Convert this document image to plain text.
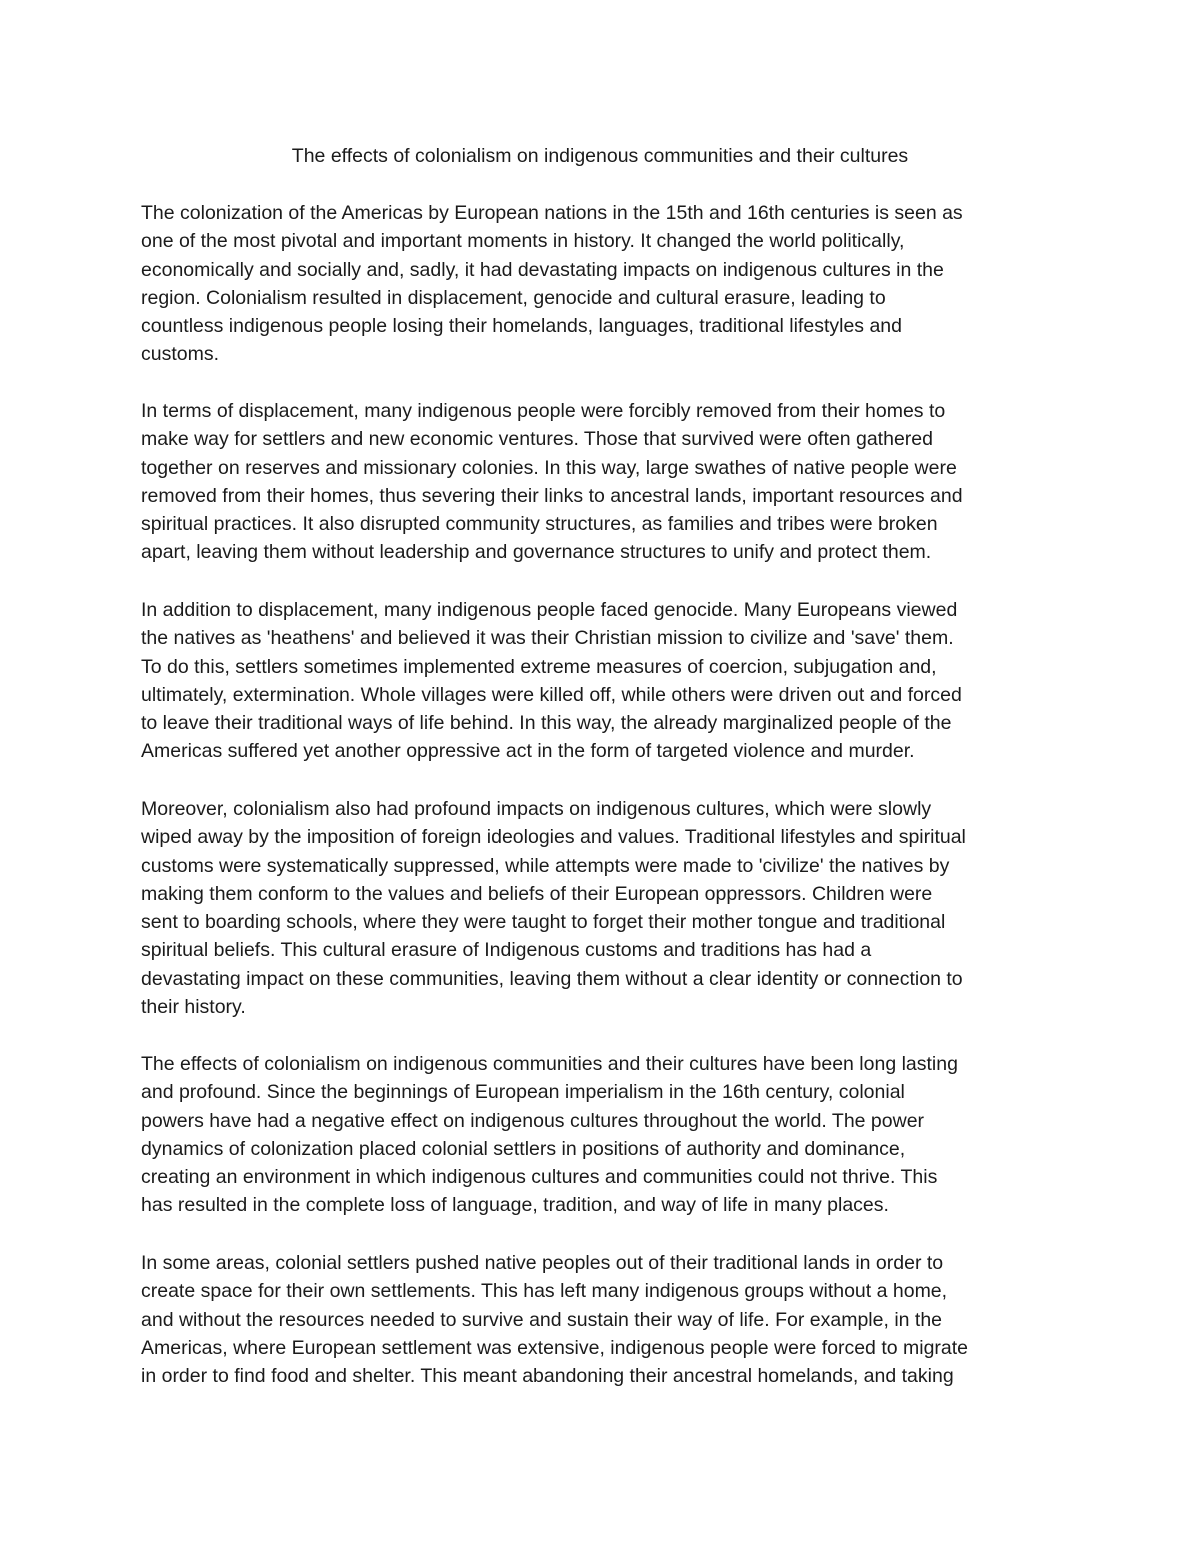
The effects of colonialism on indigenous communities and their cultures
The colonization of the Americas by European nations in the 15th and 16th centuries is seen as
one of the most pivotal and important moments in history. It changed the world politically,
economically and socially and, sadly, it had devastating impacts on indigenous cultures in the
region. Colonialism resulted in displacement, genocide and cultural erasure, leading to
countless indigenous people losing their homelands, languages, traditional lifestyles and
customs.
In terms of displacement, many indigenous people were forcibly removed from their homes to
make way for settlers and new economic ventures. Those that survived were often gathered
together on reserves and missionary colonies. In this way, large swathes of native people were
removed from their homes, thus severing their links to ancestral lands, important resources and
spiritual practices. It also disrupted community structures, as families and tribes were broken
apart, leaving them without leadership and governance structures to unify and protect them.
In addition to displacement, many indigenous people faced genocide. Many Europeans viewed
the natives as 'heathens' and believed it was their Christian mission to civilize and 'save' them.
To do this, settlers sometimes implemented extreme measures of coercion, subjugation and,
ultimately, extermination. Whole villages were killed off, while others were driven out and forced
to leave their traditional ways of life behind. In this way, the already marginalized people of the
Americas suffered yet another oppressive act in the form of targeted violence and murder.
Moreover, colonialism also had profound impacts on indigenous cultures, which were slowly
wiped away by the imposition of foreign ideologies and values. Traditional lifestyles and spiritual
customs were systematically suppressed, while attempts were made to 'civilize' the natives by
making them conform to the values and beliefs of their European oppressors. Children were
sent to boarding schools, where they were taught to forget their mother tongue and traditional
spiritual beliefs. This cultural erasure of Indigenous customs and traditions has had a
devastating impact on these communities, leaving them without a clear identity or connection to
their history.
The effects of colonialism on indigenous communities and their cultures have been long lasting
and profound. Since the beginnings of European imperialism in the 16th century, colonial
powers have had a negative effect on indigenous cultures throughout the world. The power
dynamics of colonization placed colonial settlers in positions of authority and dominance,
creating an environment in which indigenous cultures and communities could not thrive. This
has resulted in the complete loss of language, tradition, and way of life in many places.
In some areas, colonial settlers pushed native peoples out of their traditional lands in order to
create space for their own settlements. This has left many indigenous groups without a home,
and without the resources needed to survive and sustain their way of life. For example, in the
Americas, where European settlement was extensive, indigenous people were forced to migrate
in order to find food and shelter. This meant abandoning their ancestral homelands, and taking
